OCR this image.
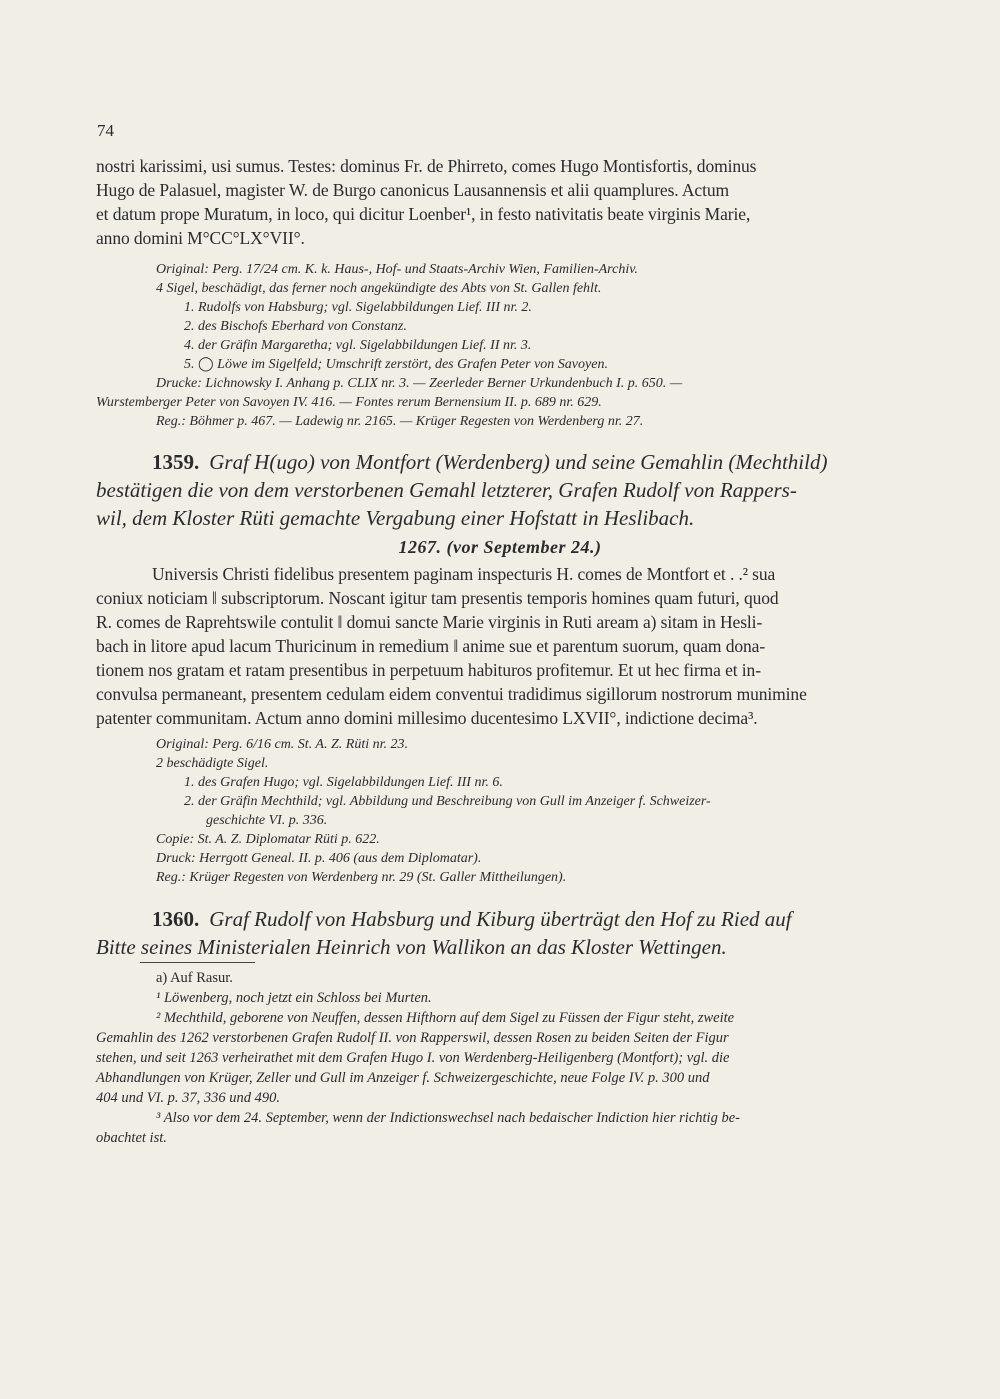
74
nostri karissimi, usi sumus. Testes: dominus Fr. de Phirreto, comes Hugo Montisfortis, dominus
Hugo de Palasuel, magister W. de Burgo canonicus Lausannensis et alii quamplures. Actum
et datum prope Muratum, in loco, qui dicitur Loenber¹, in festo nativitatis beate virginis Marie,
anno domini M°CC°LX°VII°.
Original: Perg. 17/24 cm. K. k. Haus-, Hof- und Staats-Archiv Wien, Familien-Archiv.
4 Sigel, beschädigt, das ferner noch angekündigte des Abts von St. Gallen fehlt.
1. Rudolfs von Habsburg; vgl. Sigelabbildungen Lief. III nr. 2.
2. des Bischofs Eberhard von Constanz.
4. der Gräfin Margaretha; vgl. Sigelabbildungen Lief. II nr. 3.
5. ◯ Löwe im Sigelfeld; Umschrift zerstört, des Grafen Peter von Savoyen.
Drucke: Lichnowsky I. Anhang p. CLIX nr. 3. — Zeerleder Berner Urkundenbuch I. p. 650. —
Wurstemberger Peter von Savoyen IV. 416. — Fontes rerum Bernensium II. p. 689 nr. 629.
Reg.: Böhmer p. 467. — Ladewig nr. 2165. — Krüger Regesten von Werdenberg nr. 27.
1359. Graf H(ugo) von Montfort (Werdenberg) und seine Gemahlin (Mechthild)
bestätigen die von dem verstorbenen Gemahl letzterer, Grafen Rudolf von Rappers-
wil, dem Kloster Rüti gemachte Vergabung einer Hofstatt in Heslibach.
1267. (vor September 24.)
Universis Christi fidelibus presentem paginam inspecturis H. comes de Montfort et . .² sua
coniux noticiam ‖ subscriptorum. Noscant igitur tam presentis temporis homines quam futuri, quod
R. comes de Raprehtswile contulit ‖ domui sancte Marie virginis in Ruti aream a) sitam in Hesli-
bach in litore apud lacum Thuricinum in remedium ‖ anime sue et parentum suorum, quam dona-
tionem nos gratam et ratam presentibus in perpetuum habituros profitemur. Et ut hec firma et in-
convulsa permaneant, presentem cedulam eidem conventui tradidimus sigillorum nostrorum munimine
patenter communitam. Actum anno domini millesimo ducentesimo LXVII°, indictione decima³.
Original: Perg. 6/16 cm. St. A. Z. Rüti nr. 23.
2 beschädigte Sigel.
1. des Grafen Hugo; vgl. Sigelabbildungen Lief. III nr. 6.
2. der Gräfin Mechthild; vgl. Abbildung und Beschreibung von Gull im Anzeiger f. Schweizer-
geschichte VI. p. 336.
Copie: St. A. Z. Diplomatar Rüti p. 622.
Druck: Herrgott Geneal. II. p. 406 (aus dem Diplomatar).
Reg.: Krüger Regesten von Werdenberg nr. 29 (St. Galler Mittheilungen).
1360. Graf Rudolf von Habsburg und Kiburg überträgt den Hof zu Ried auf
Bitte seines Ministerialen Heinrich von Wallikon an das Kloster Wettingen.
a) Auf Rasur.
¹ Löwenberg, noch jetzt ein Schloss bei Murten.
² Mechthild, geborene von Neuffen, dessen Hifthorn auf dem Sigel zu Füssen der Figur steht, zweite
Gemahlin des 1262 verstorbenen Grafen Rudolf II. von Rapperswil, dessen Rosen zu beiden Seiten der Figur
stehen, und seit 1263 verheirathet mit dem Grafen Hugo I. von Werdenberg-Heiligenberg (Montfort); vgl. die
Abhandlungen von Krüger, Zeller und Gull im Anzeiger f. Schweizergeschichte, neue Folge IV. p. 300 und
404 und VI. p. 37, 336 und 490.
³ Also vor dem 24. September, wenn der Indictionswechsel nach bedaischer Indiction hier richtig be-
obachtet ist.
